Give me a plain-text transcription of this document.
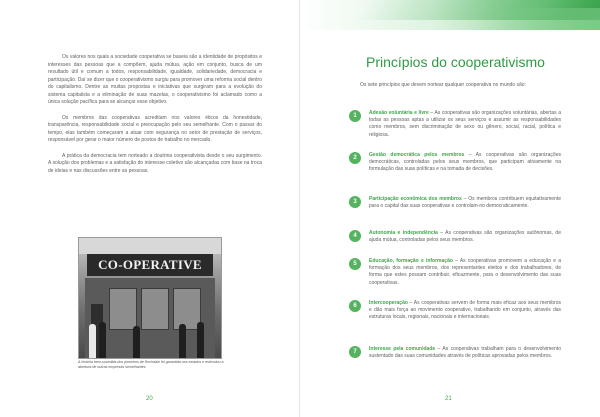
Os valores nos quais a sociedade cooperativa se baseia são a identidade de propósitos e interesses das pessoas que a compõem, ajuda mútua, ação em conjunto, busca de um resultado útil e comum a todos, responsabilidade, igualdade, solidariedade, democracia e participação. Daí se dizer que o cooperativismo surgiu para promover uma reforma social dentro do capitalismo. Dentre as muitas propostas e iniciativas que surgiram para a evolução do sistema capitalista e a eliminação de suas mazelas, o cooperativismo foi aclamado como a única solução pacífica para se alcançar esse objetivo.

Os membros das cooperativas acreditam nos valores éticos da honestidade, transparência, responsabilidade social e preocupação pelo seu semelhante. Com o passar do tempo, elas também começaram a atuar com segurança no setor de prestação de serviços, responsável por gerar o maior número de postos de trabalho no mercado.

A prática da democracia tem norteado a doutrina cooperativista desde o seu surgimento. A solução dos problemas e a satisfação do interesse coletivo são alcançadas com base na troca de ideias e nas discussões entre as pessoas.

CO-OPERATIVE
A história bem-sucedida dos pioneiros de Rochdale foi garantida nos estados e estimulou a abertura de outras empresas semelhantes
20
Princípios do cooperativismo
Os sete princípios que devem nortear qualquer cooperativa no mundo são:
1	Adesão voluntária e livre – As cooperativas são organizações voluntárias, abertas a todas as pessoas aptas a utilizar os seus serviços e assumir as responsabilidades como membros, sem discriminação de sexo ou gênero, social, racial, política e religiosa.
2	Gestão democrática pelos membros – As cooperativas são organizações democráticas, controladas pelos seus membros, que participam ativamente na formulação das suas políticas e na tomada de decisões.
3	Participação econômica dos membros – Os membros contribuem equitativamente para o capital das suas cooperativas e controlam-no democraticamente.
4	Autonomia e independência – As cooperativas são organizações autônomas, de ajuda mútua, controladas pelos seus membros.
5	Educação, formação e informação – As cooperativas promovem a educação e a formação dos seus membros, dos representantes eleitos e dos trabalhadores, de forma que estes possam contribuir, eficazmente, para o desenvolvimento das suas cooperativas.
6	Intercooperação – As cooperativas servem de forma mais eficaz aos seus membros e dão mais força ao movimento cooperativo, trabalhando em conjunto, através das estruturas locais, regionais, nacionais e internacionais.
7	Interesse pela comunidade – As cooperativas trabalham para o desenvolvimento sustentado das suas comunidades através de políticas aprovadas pelos membros.
21
